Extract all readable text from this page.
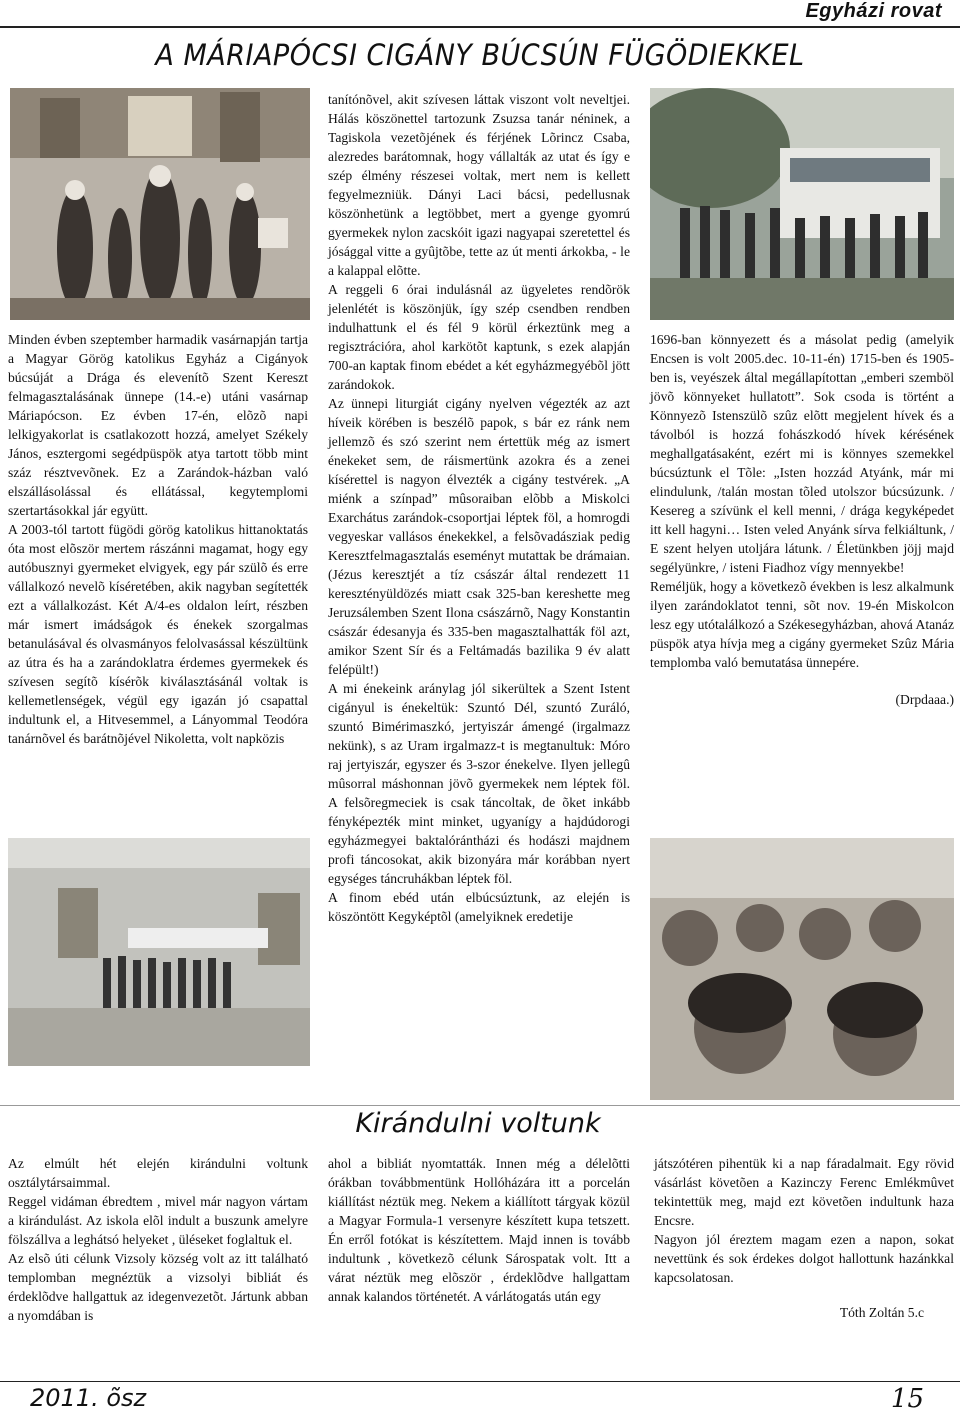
Egyházi rovat
A MÁRIAPÓCSI CIGÁNY BÚCSÚN FÜGÖDIEKKEL

Minden évben szeptember harmadik vasárnapján tartja a Magyar Görög katolikus Egyház a Cigányok búcsúját a Drága és elevenítõ Szent Kereszt felmagasztalásának ünnepe (14.-e) utáni vasárnap Máriapócson. Ez évben 17-én, elõzõ napi lelkigyakorlat is csatlakozott hozzá, amelyet Székely János, esztergomi segédpüspök atya tartott több mint száz résztvevõnek. Ez a Zarándok-házban való elszállásolással és ellátással, kegytemplomi szertartásokkal jár együtt.

A 2003-tól tartott fügödi görög katolikus hittanoktatás óta most elõször mertem rászánni magamat, hogy egy autóbusznyi gyermeket elvigyek, egy pár szülõ és erre vállalkozó nevelõ kíséretében, akik nagyban segítették ezt a vállalkozást. Két A/4-es oldalon leírt, részben már ismert imádságok és énekek szorgalmas betanulásával és olvasmányos felolvasással készültünk az útra és ha a zarándoklatra érdemes gyermekek és szívesen segítõ kísérõk kiválasztásánál voltak is kellemetlenségek, végül egy igazán jó csapattal indultunk el, a Hitvesemmel, a Lányommal Teodóra tanárnõvel és barátnõjével Nikoletta, volt napközis

tanítónõvel, akit szívesen láttak viszont volt neveltjei. Hálás köszönettel tartozunk Zsuzsa tanár néninek, a Tagiskola vezetõjének és férjének Lõrincz Csaba, alezredes barátomnak, hogy vállalták az utat és így e szép élmény részesei voltak, mert nem is kellett fegyelmezniük. Dányi Laci bácsi, pedellusnak köszönhetünk a legtöbbet, mert a gyenge gyomrú gyermekek nylon zacskóit igazi nagyapai szeretettel és jósággal vitte a gyûjtõbe, tette az út menti árkokba, - le a kalappal elõtte.

A reggeli 6 órai indulásnál az ügyeletes rendõrök jelenlétét is köszönjük, így szép csendben rendben indulhattunk el és fél 9 körül érkeztünk meg a regisztrációra, ahol karkötõt kaptunk, s ezek alapján 700-an kaptak finom ebédet a két egyházmegyébõl jött zarándokok.

Az ünnepi liturgiát cigány nyelven végezték az azt híveik körében is beszélõ papok, s bár ez ránk nem jellemzõ és szó szerint nem értettük még az ismert énekeket sem, de ráismertünk azokra és a zenei kísérettel is nagyon élvezték a cigány testvérek. „A miénk a színpad” mûsoraiban elõbb a Miskolci Exarchátus zarándok-csoportjai léptek föl, a homrogdi vegyeskar vallásos énekekkel, a felsõvadásziak pedig Keresztfelmagasztalás eseményt mutattak be drámaian. (Jézus keresztjét a tíz császár által rendezett 11 keresztényüldözés miatt csak 325-ban kereshette meg Jeruzsálemben Szent Ilona császárnõ, Nagy Konstantin császár édesanyja és 335-ben magasztalhatták föl azt, amikor Szent Sír és a Feltámadás bazilika 9 év alatt felépült!)

A mi énekeink aránylag jól sikerültek a Szent Istent cigányul is énekeltük: Szuntó Dél, szuntó Zuráló, szuntó Bimérimaszkó, jertyiszár ámengé (irgalmazz nekünk), s az Uram irgalmazz-t is megtanultuk: Móro raj jertyiszár, egyszer és 3-szor énekelve. Ilyen jellegû mûsorral máshonnan jövõ gyermekek nem léptek föl. A felsõregmeciek is csak táncoltak, de õket inkább fényképezték mint minket, ugyanígy a hajdúdorogi egyházmegyei baktalórántházi és hodászi majdnem profi táncosokat, akik bizonyára már korábban nyert egységes táncruhákban léptek föl.

A finom ebéd után elbúcsúztunk, az elején is köszöntött Kegyképtõl (amelyiknek eredetije

1696-ban könnyezett és a másolat pedig (amelyik Encsen is volt 2005.dec. 10-11-én) 1715-ben és 1905-ben is, veyészek által megállapítottan „emberi szemböl jövõ könnyeket hullatott”. Sok csoda is történt a Könnyezõ Istenszülõ szûz elõtt megjelent hívek és a távolból is hozzá fohászkodó hívek kérésének meghallgatásaként, ezért mi is könnyes szemekkel búcsúztunk el Tõle: „Isten hozzád Atyánk, már mi elindulunk, /talán mostan tõled utolszor búcsúzunk. / Kesereg a szívünk el kell menni, / drága kegyképedet itt kell hagyni… Isten veled Anyánk sírva felkiáltunk, / E szent helyen utoljára látunk. / Életünkben jöjj majd segélyünkre, / isteni Fiadhoz vígy mennyekbe!

Reméljük, hogy a következõ években is lesz alkalmunk ilyen zarándoklatot tenni, sõt nov. 19-én Miskolcon lesz egy utótalálkozó a Székesegyházban, ahová Atanáz püspök atya hívja meg a cigány gyermeket Szûz Mária templomba való bemutatása ünnepére.

(Drpdaaa.)

Kirándulni voltunk

Az elmúlt hét elején kirándulni voltunk osztálytársaimmal.

Reggel vidáman ébredtem , mivel már nagyon vártam a kirándulást. Az iskola elõl indult a buszunk amelyre fölszállva a leghátsó helyeket , üléseket foglaltuk el.

Az elsõ úti célunk Vizsoly község volt az itt található templomban megnéztük a vizsolyi bibliát és érdeklõdve hallgattuk az idegenvezetõt. Jártunk abban a nyomdában is

ahol a bibliát nyomtatták. Innen még a délelõtti órákban továbbmentünk Hollóházára itt a porcelán kiállítást néztük meg. Nekem a kiállított tárgyak közül a Magyar Formula-1 versenyre készített kupa tetszett. Én erről fotókat is készítettem. Majd innen is tovább indultunk , következõ célunk Sárospatak volt. Itt a várat néztük meg elõször , érdeklõdve hallgattam annak kalandos történetét. A várlátogatás után egy

játszótéren pihentük ki a nap fáradalmait. Egy rövid vásárlást követõen a Kazinczy Ferenc Emlékmûvet tekintettük meg, majd ezt követõen indultunk haza Encsre.

Nagyon jól éreztem magam ezen a napon, sokat nevettünk és sok érdekes dolgot hallottunk hazánkkal kapcsolatosan.

Tóth Zoltán 5.c

2011. õsz	15
